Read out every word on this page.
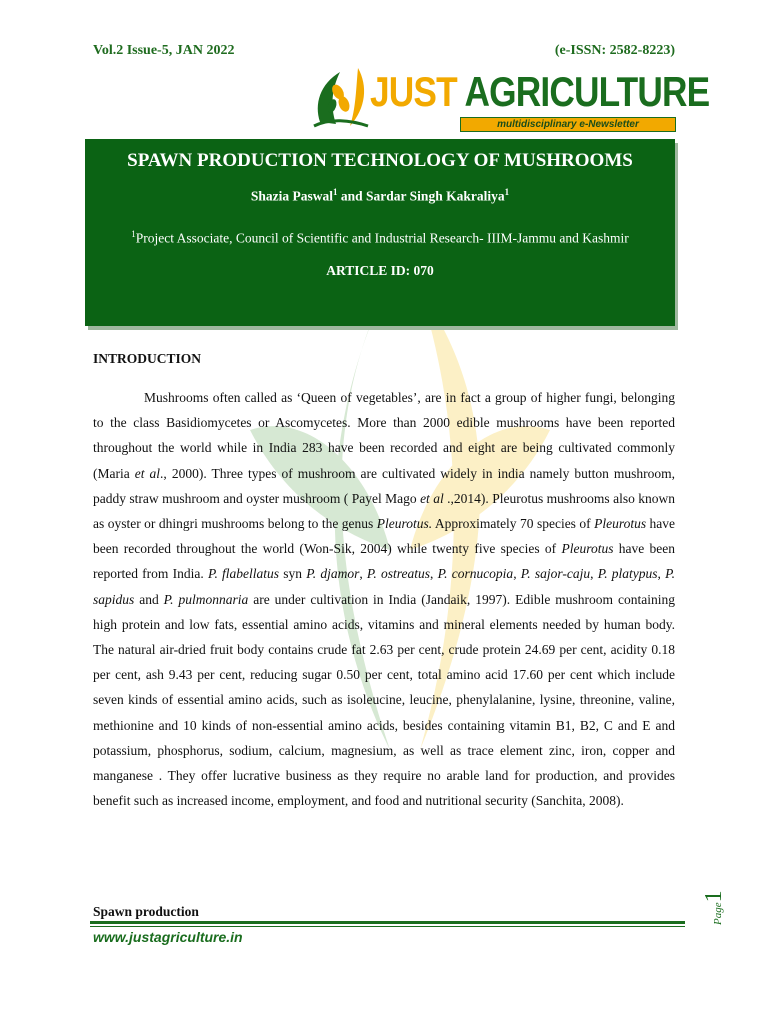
Vol.2 Issue-5, JAN 2022	(e-ISSN: 2582-8223)
JUST AGRICULTURE
multidisciplinary e-Newsletter
SPAWN PRODUCTION TECHNOLOGY OF MUSHROOMS
Shazia Paswal$^1$ and Sardar Singh Kakraliya$^1$
$^1$Project Associate, Council of Scientific and Industrial Research- IIIM-Jammu and Kashmir
ARTICLE ID: 070
INTRODUCTION

Mushrooms often called as ‘Queen of vegetables’, are in fact a group of higher fungi, belonging to the class Basidiomycetes or Ascomycetes. More than 2000 edible mushrooms have been reported throughout the world while in India 283 have been recorded and eight are being cultivated commonly (Maria et al., 2000). Three types of mushroom are cultivated widely in india namely button mushroom, paddy straw mushroom and oyster mushroom ( Payel Mago et al .,2014). Pleurotus mushrooms also known as oyster or dhingri mushrooms belong to the genus Pleurotus. Approximately 70 species of Pleurotus have been recorded throughout the world (Won-Sik, 2004) while twenty five species of Pleurotus have been reported from India. P. flabellatus syn P. djamor, P. ostreatus, P. cornucopia, P. sajor-caju, P. platypus, P. sapidus and P. pulmonnaria are under cultivation in India (Jandaik, 1997). Edible mushroom containing high protein and low fats, essential amino acids, vitamins and mineral elements needed by human body. The natural air-dried fruit body contains crude fat 2.63 per cent, crude protein 24.69 per cent, acidity 0.18 per cent, ash 9.43 per cent, reducing sugar 0.50 per cent, total amino acid 17.60 per cent which include seven kinds of essential amino acids, such as isoleucine, leucine, phenylalanine, lysine, threonine, valine, methionine and 10 kinds of non-essential amino acids, besides containing vitamin B1, B2, C and E and potassium, phosphorus, sodium, calcium, magnesium, as well as trace element zinc, iron, copper and manganese . They offer lucrative business as they require no arable land for production, and provides benefit such as increased income, employment, and food and nutritional security (Sanchita, 2008).

Spawn production
www.justagriculture.in
Page1
